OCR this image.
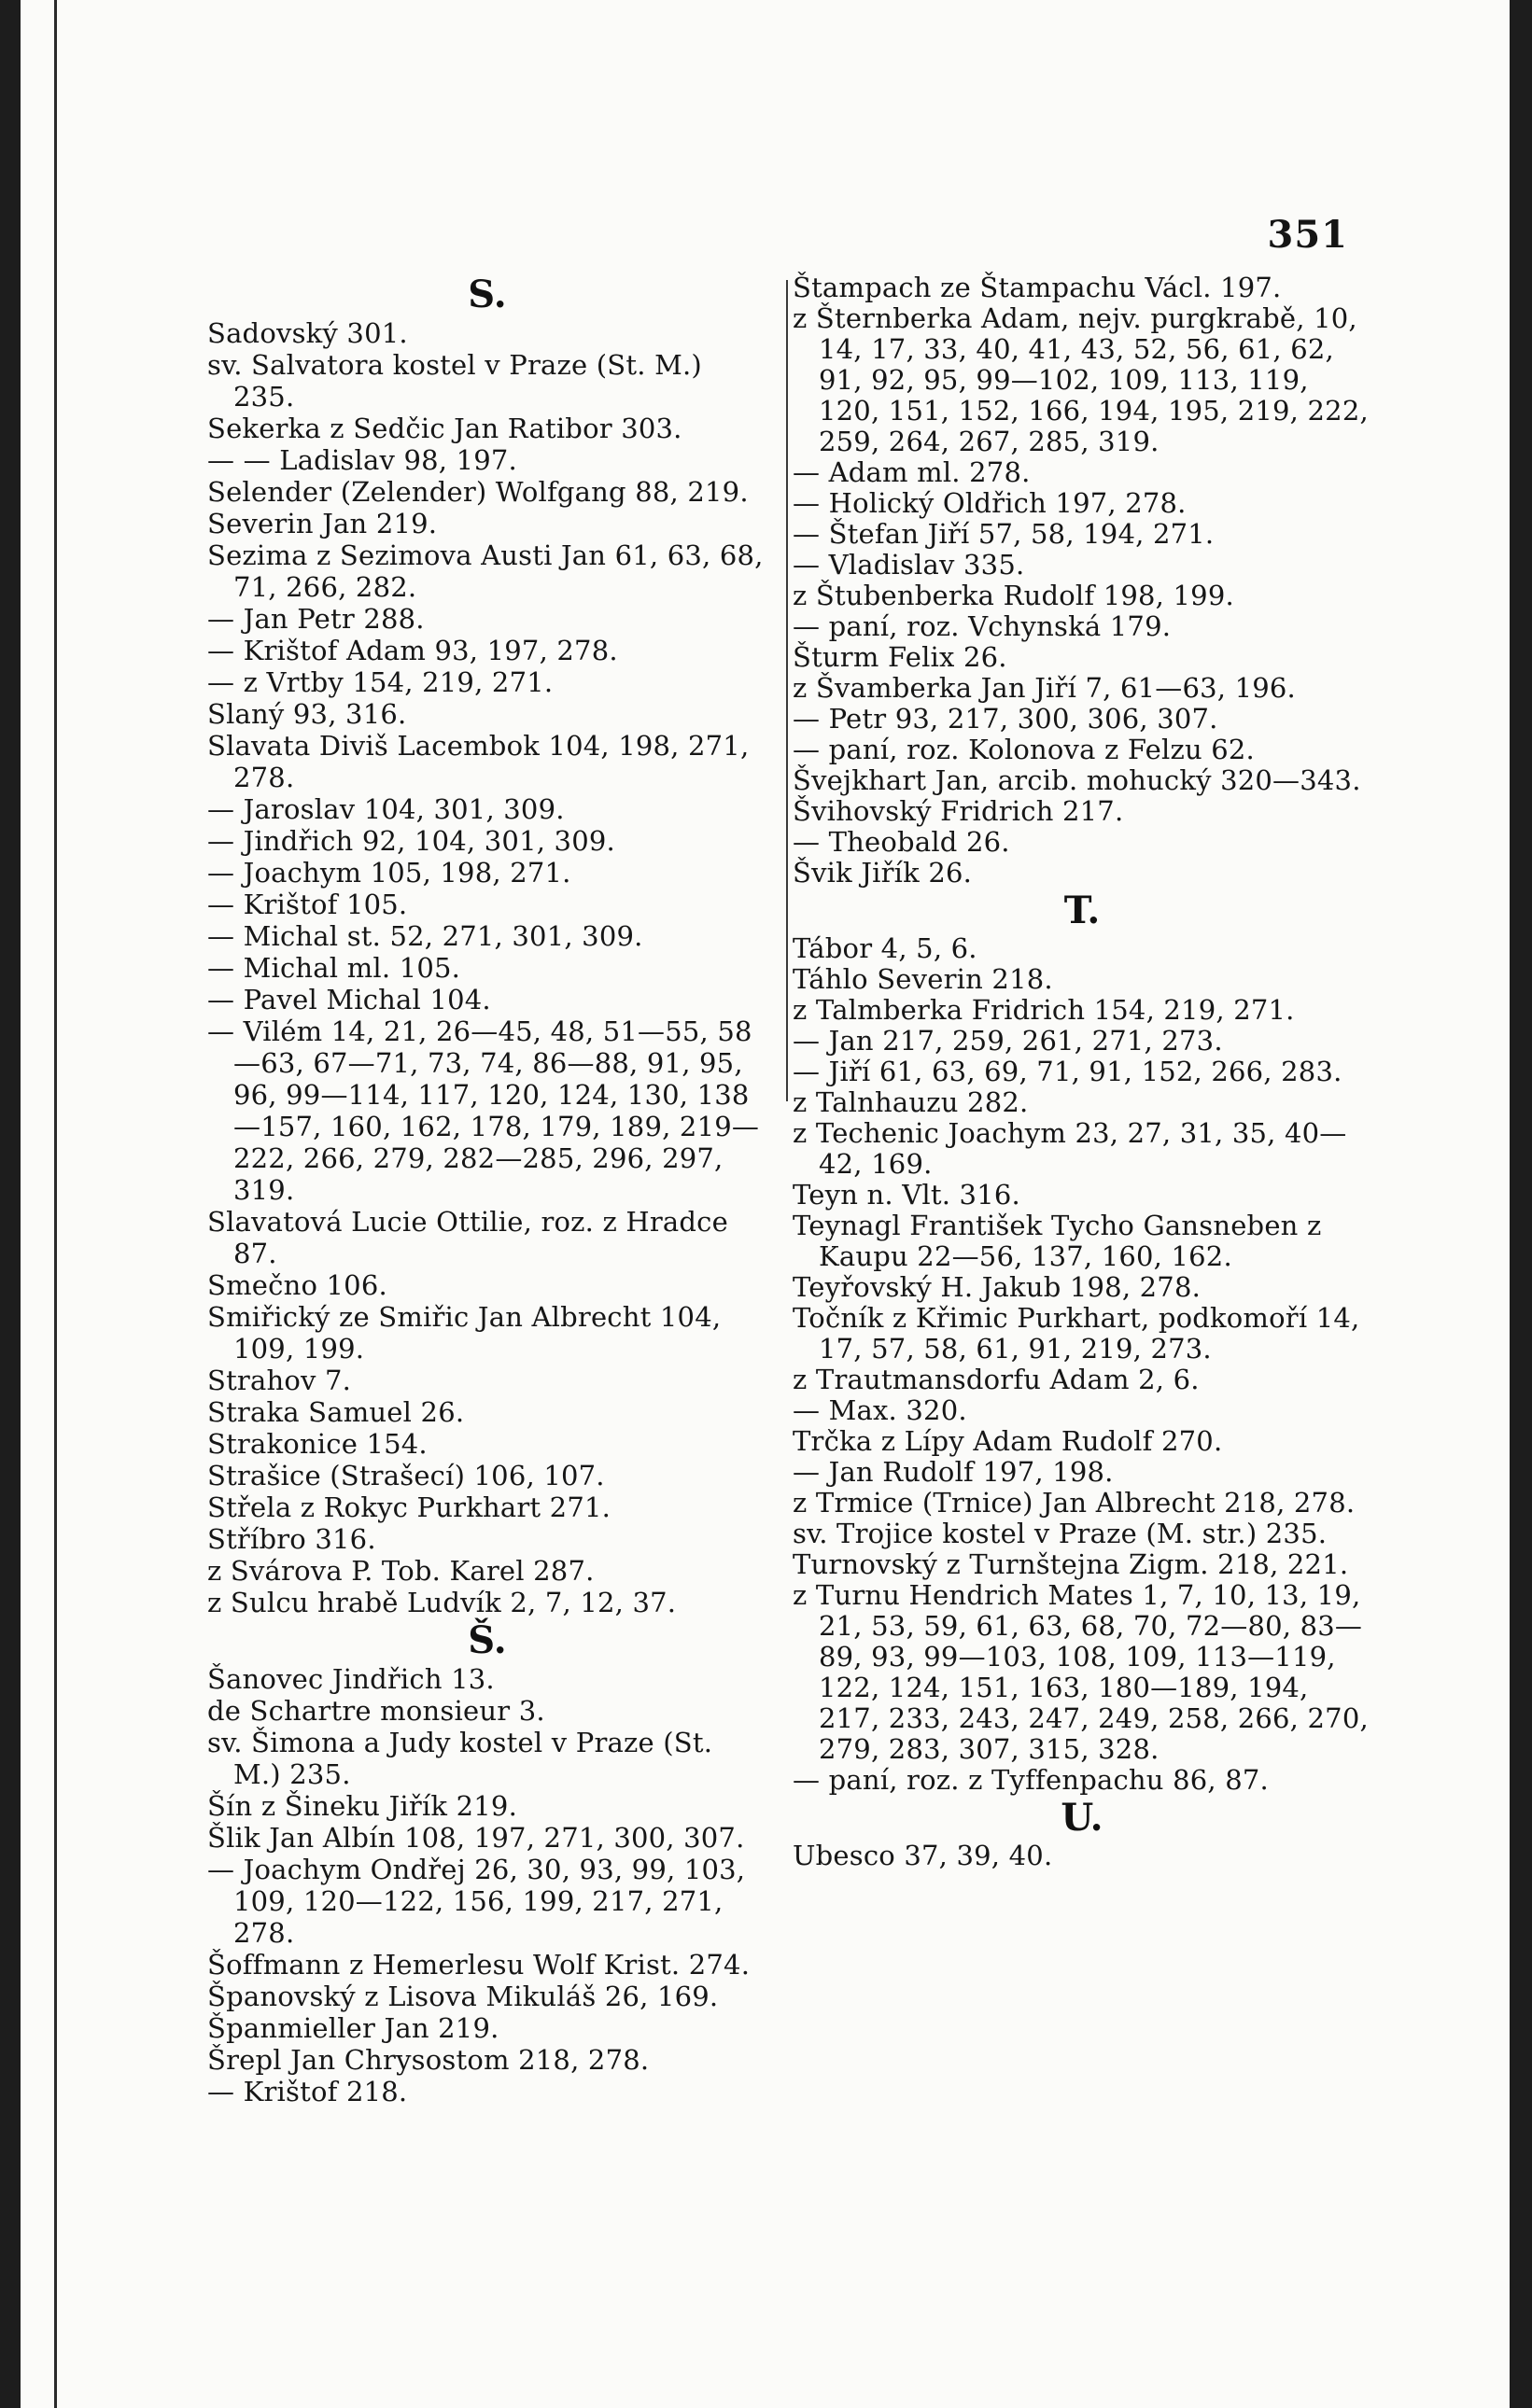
351
S.
Sadovský 301.
sv. Salvatora kostel v Praze (St. M.) 235.
Sekerka z Sedčic Jan Ratibor 303.
— — Ladislav 98, 197.
Selender (Zelender) Wolfgang 88, 219.
Severin Jan 219.
Sezima z Sezimova Austi Jan 61, 63, 68, 71, 266, 282.
— Jan Petr 288.
— Krištof Adam 93, 197, 278.
— z Vrtby 154, 219, 271.
Slaný 93, 316.
Slavata Diviš Lacembok 104, 198, 271, 278.
— Jaroslav 104, 301, 309.
— Jindřich 92, 104, 301, 309.
— Joachym 105, 198, 271.
— Krištof 105.
— Michal st. 52, 271, 301, 309.
— Michal ml. 105.
— Pavel Michal 104.
— Vilém 14, 21, 26—45, 48, 51—55, 58—63, 67—71, 73, 74, 86—88, 91, 95, 96, 99—114, 117, 120, 124, 130, 138—157, 160, 162, 178, 179, 189, 219—222, 266, 279, 282—285, 296, 297, 319.
Slavatová Lucie Ottilie, roz. z Hradce 87.
Smečno 106.
Smiřický ze Smiřic Jan Albrecht 104, 109, 199.
Strahov 7.
Straka Samuel 26.
Strakonice 154.
Strašice (Strašecí) 106, 107.
Střela z Rokyc Purkhart 271.
Stříbro 316.
z Svárova P. Tob. Karel 287.
z Sulcu hrabě Ludvík 2, 7, 12, 37.
Š.
Šanovec Jindřich 13.
de Schartre monsieur 3.
sv. Šimona a Judy kostel v Praze (St. M.) 235.
Šín z Šineku Jiřík 219.
Šlik Jan Albín 108, 197, 271, 300, 307.
— Joachym Ondřej 26, 30, 93, 99, 103, 109, 120—122, 156, 199, 217, 271, 278.
Šoffmann z Hemerlesu Wolf Krist. 274.
Španovský z Lisova Mikuláš 26, 169.
Španmieller Jan 219.
Šrepl Jan Chrysostom 218, 278.
— Krištof 218.
Štampach ze Štampachu Václ. 197.
z Šternberka Adam, nejv. purgkrabě, 10, 14, 17, 33, 40, 41, 43, 52, 56, 61, 62, 91, 92, 95, 99—102, 109, 113, 119, 120, 151, 152, 166, 194, 195, 219, 222, 259, 264, 267, 285, 319.
— Adam ml. 278.
— Holický Oldřich 197, 278.
— Štefan Jiří 57, 58, 194, 271.
— Vladislav 335.
z Štubenberka Rudolf 198, 199.
— paní, roz. Vchynská 179.
Šturm Felix 26.
z Švamberka Jan Jiří 7, 61—63, 196.
— Petr 93, 217, 300, 306, 307.
— paní, roz. Kolonova z Felzu 62.
Švejkhart Jan, arcib. mohucký 320—343.
Švihovský Fridrich 217.
— Theobald 26.
Švik Jiřík 26.
T.
Tábor 4, 5, 6.
Táhlo Severin 218.
z Talmberka Fridrich 154, 219, 271.
— Jan 217, 259, 261, 271, 273.
— Jiří 61, 63, 69, 71, 91, 152, 266, 283.
z Talnhauzu 282.
z Techenic Joachym 23, 27, 31, 35, 40—42, 169.
Teyn n. Vlt. 316.
Teynagl František Tycho Gansneben z Kaupu 22—56, 137, 160, 162.
Teyřovský H. Jakub 198, 278.
Točník z Křimic Purkhart, podkomoří 14, 17, 57, 58, 61, 91, 219, 273.
z Trautmansdorfu Adam 2, 6.
— Max. 320.
Trčka z Lípy Adam Rudolf 270.
— Jan Rudolf 197, 198.
z Trmice (Trnice) Jan Albrecht 218, 278.
sv. Trojice kostel v Praze (M. str.) 235.
Turnovský z Turnštejna Zigm. 218, 221.
z Turnu Hendrich Mates 1, 7, 10, 13, 19, 21, 53, 59, 61, 63, 68, 70, 72—80, 83—89, 93, 99—103, 108, 109, 113—119, 122, 124, 151, 163, 180—189, 194, 217, 233, 243, 247, 249, 258, 266, 270, 279, 283, 307, 315, 328.
— paní, roz. z Tyffenpachu 86, 87.
U.
Ubesco 37, 39, 40.
